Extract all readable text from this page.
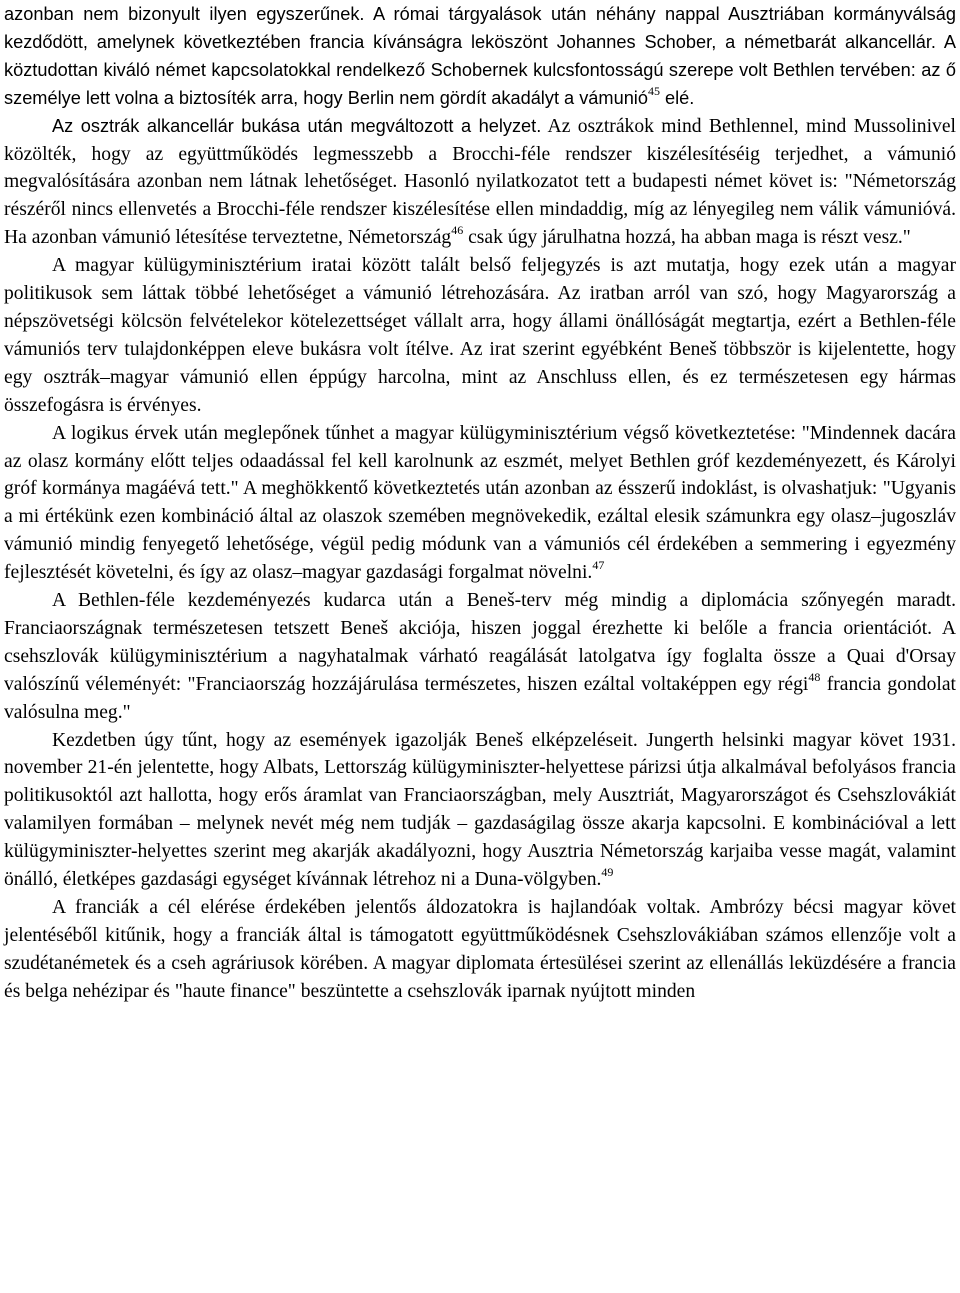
azonban nem bizonyult ilyen egyszerűnek. A római tárgyalások után néhány nappal Ausztriában kormányválság kezdődött, amelynek következtében francia kívánságra leköszönt Johannes Schober, a németbarát alkancellár. A köztudottan kiváló német kapcsolatokkal rendelkező Schobernek kulcsfontosságú szerepe volt Bethlen tervében: az ő személye lett volna a biztosíték arra, hogy Berlin nem gördít akadályt a vámunió$^{45}$ elé.

Az osztrák alkancellár bukása után megváltozott a helyzet. Az osztrákok mind Bethlennel, mind Mussolinivel közölték, hogy az együttműködés legmesszebb a Brocchi-féle rendszer kiszélesítéséig terjedhet, a vámunió megvalósítására azonban nem látnak lehetőséget. Hasonló nyilatkozatot tett a budapesti német követ is: "Németország részéről nincs ellenvetés a Brocchi-féle rendszer kiszélesítése ellen mindaddig, míg az lényegileg nem válik vámunióvá. Ha azonban vámunió létesítése terveztetne, Németország$^{46}$ csak úgy járulhatna hozzá, ha abban maga is részt vesz."

A magyar külügyminisztérium iratai között talált belső feljegyzés is azt mutatja, hogy ezek után a magyar politikusok sem láttak többé lehetőséget a vámunió létrehozására. Az iratban arról van szó, hogy Magyarország a népszövetségi kölcsön felvételekor kötelezettséget vállalt arra, hogy állami önállóságát megtartja, ezért a Bethlen-féle vámuniós terv tulajdonképpen eleve bukásra volt ítélve. Az irat szerint egyébként Beneš többször is kijelentette, hogy egy osztrák–magyar vámunió ellen éppúgy harcolna, mint az Anschluss ellen, és ez természetesen egy hármas összefogásra is érvényes.

A logikus érvek után meglepőnek tűnhet a magyar külügyminisztérium végső következtetése: "Mindennek dacára az olasz kormány előtt teljes odaadással fel kell karolnunk az eszmét, melyet Bethlen gróf kezdeményezett, és Károlyi gróf kormánya magáévá tett." A meghökkentő következtetés után azonban az ésszerű indoklást, is olvashatjuk: "Ugyanis a mi értékünk ezen kombináció által az olaszok szemében megnövekedik, ezáltal elesik számunkra egy olasz–jugoszláv vámunió mindig fenyegető lehetősége, végül pedig módunk van a vámuniós cél érdekében a semmering i egyezmény fejlesztését követelni, és így az olasz–magyar gazdasági forgalmat növelni.$^{47}$

A Bethlen-féle kezdeményezés kudarca után a Beneš-terv még mindig a diplomácia szőnyegén maradt. Franciaországnak természetesen tetszett Beneš akciója, hiszen joggal érezhette ki belőle a francia orientációt. A csehszlovák külügyminisztérium a nagyhatalmak várható reagálását latolgatva így foglalta össze a Quai d'Orsay valószínű véleményét: "Franciaország hozzájárulása természetes, hiszen ezáltal voltaképpen egy régi$^{48}$ francia gondolat valósulna meg."

Kezdetben úgy tűnt, hogy az események igazolják Beneš elképzeléseit. Jungerth helsinki magyar követ 1931. november 21-én jelentette, hogy Albats, Lettország külügyminiszter-helyettese párizsi útja alkalmával befolyásos francia politikusoktól azt hallotta, hogy erős áramlat van Franciaországban, mely Ausztriát, Magyarországot és Csehszlovákiát valamilyen formában – melynek nevét még nem tudják – gazdaságilag össze akarja kapcsolni. E kombinációval a lett külügyminiszter-helyettes szerint meg akarják akadályozni, hogy Ausztria Németország karjaiba vesse magát, valamint önálló, életképes gazdasági egységet kívánnak létrehoz ni a Duna-völgyben.$^{49}$

A franciák a cél elérése érdekében jelentős áldozatokra is hajlandóak voltak. Ambrózy bécsi magyar követ jelentéséből kitűnik, hogy a franciák által is támogatott együttműködésnek Csehszlovákiában számos ellenzője volt a szudétanémetek és a cseh agráriusok körében. A magyar diplomata értesülései szerint az ellenállás leküzdésére a francia és belga nehézipar és "haute finance" beszüntette a csehszlovák iparnak nyújtott minden
